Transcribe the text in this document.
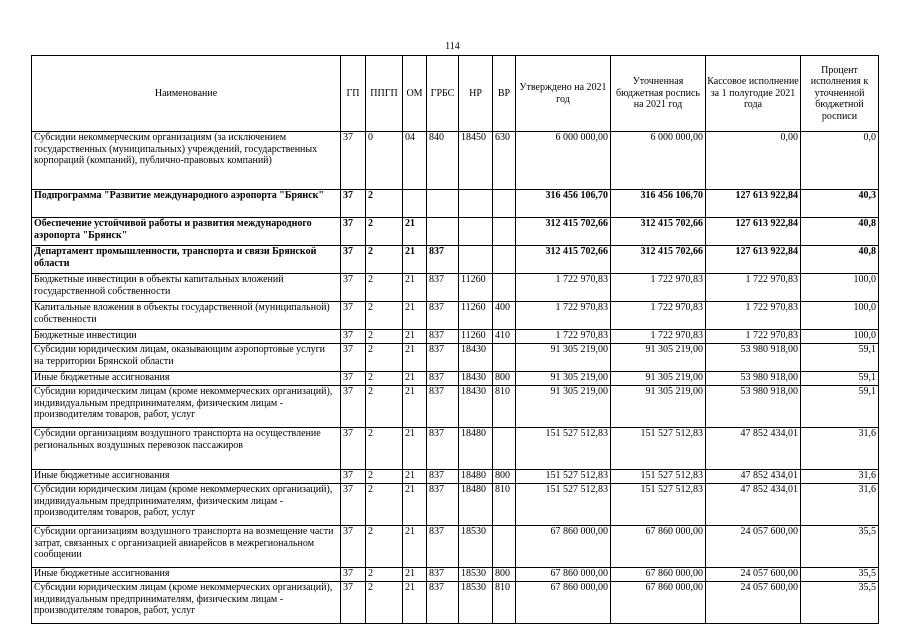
114
Наименование	ГП	ППГП	ОМ	ГРБС	НР	ВР	Утверждено на 2021 год	Уточненная бюджетная роспись на 2021 год	Кассовое исполнение за 1 полугодие 2021 года	Процент исполнения к уточненной бюджетной росписи
Субсидии некоммерческим организациям (за исключением государственных (муниципальных) учреждений, государственных корпораций (компаний), публично-правовых компаний)	37	0	04	840	18450	630	6 000 000,00	6 000 000,00	0,00	0,0
Подпрограмма "Развитие международного аэропорта "Брянск"	37	2					316 456 106,70	316 456 106,70	127 613 922,84	40,3
Обеспечение устойчивой работы и развития международного аэропорта "Брянск"	37	2	21				312 415 702,66	312 415 702,66	127 613 922,84	40,8
Департамент промышленности, транспорта и связи Брянской области	37	2	21	837			312 415 702,66	312 415 702,66	127 613 922,84	40,8
Бюджетные инвестиции в объекты капитальных вложений государственной собственности	37	2	21	837	11260		1 722 970,83	1 722 970,83	1 722 970,83	100,0
Капитальные вложения в объекты государственной (муниципальной) собственности	37	2	21	837	11260	400	1 722 970,83	1 722 970,83	1 722 970,83	100,0
Бюджетные инвестиции	37	2	21	837	11260	410	1 722 970,83	1 722 970,83	1 722 970,83	100,0
Субсидии юридическим лицам, оказывающим аэропортовые услуги на территории Брянской области	37	2	21	837	18430		91 305 219,00	91 305 219,00	53 980 918,00	59,1
Иные бюджетные ассигнования	37	2	21	837	18430	800	91 305 219,00	91 305 219,00	53 980 918,00	59,1
Субсидии юридическим лицам (кроме некоммерческих организаций), индивидуальным предпринимателям, физическим лицам - производителям товаров, работ, услуг	37	2	21	837	18430	810	91 305 219,00	91 305 219,00	53 980 918,00	59,1
Субсидии организациям воздушного транспорта на осуществление региональных воздушных перевозок пассажиров	37	2	21	837	18480		151 527 512,83	151 527 512,83	47 852 434,01	31,6
Иные бюджетные ассигнования	37	2	21	837	18480	800	151 527 512,83	151 527 512,83	47 852 434,01	31,6
Субсидии юридическим лицам (кроме некоммерческих организаций), индивидуальным предпринимателям, физическим лицам - производителям товаров, работ, услуг	37	2	21	837	18480	810	151 527 512,83	151 527 512,83	47 852 434,01	31,6
Субсидии организациям воздушного транспорта на возмещение части затрат, связанных с организацией авиарейсов в межрегиональном сообщении	37	2	21	837	18530		67 860 000,00	67 860 000,00	24 057 600,00	35,5
Иные бюджетные ассигнования	37	2	21	837	18530	800	67 860 000,00	67 860 000,00	24 057 600,00	35,5
Субсидии юридическим лицам (кроме некоммерческих организаций), индивидуальным предпринимателям, физическим лицам - производителям товаров, работ, услуг	37	2	21	837	18530	810	67 860 000,00	67 860 000,00	24 057 600,00	35,5
